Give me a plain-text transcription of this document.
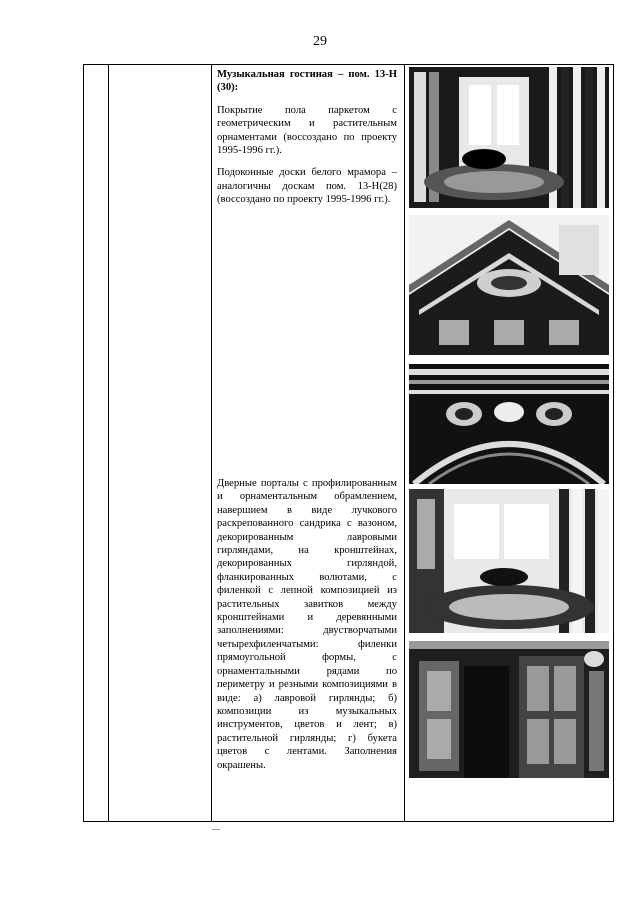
29

Музыкальная гостиная – пом. 13-Н (30):

Покрытие пола паркетом с геометрическим и растительным орнаментами (воссоздано по проекту 1995-1996 гг.).

Подоконные доски белого мрамора – аналогичны доскам пом. 13-Н(28) (воссоздано по проекту 1995-1996 гг.).

Дверные порталы с профилированным и орнаментальным обрамлением, навершием в виде лучкового раскрепованного сандрика с вазоном, декорированным лавровыми гирляндами, на кронштейнах, декорированных гирляндой, фланкированных волютами, с филенкой с лепной композицией из растительных завитков между кронштейнами и деревянными заполнениями: двустворчатыми четырехфиленчатыми: филенки прямоугольной формы, с орнаментальными рядами по периметру и резными композициями в виде: а) лавровой гирлянды; б) композиции из музыкальных инструментов, цветов и лент; в) растительной гирлянды; г) букета цветов с лентами. Заполнения окрашены.
